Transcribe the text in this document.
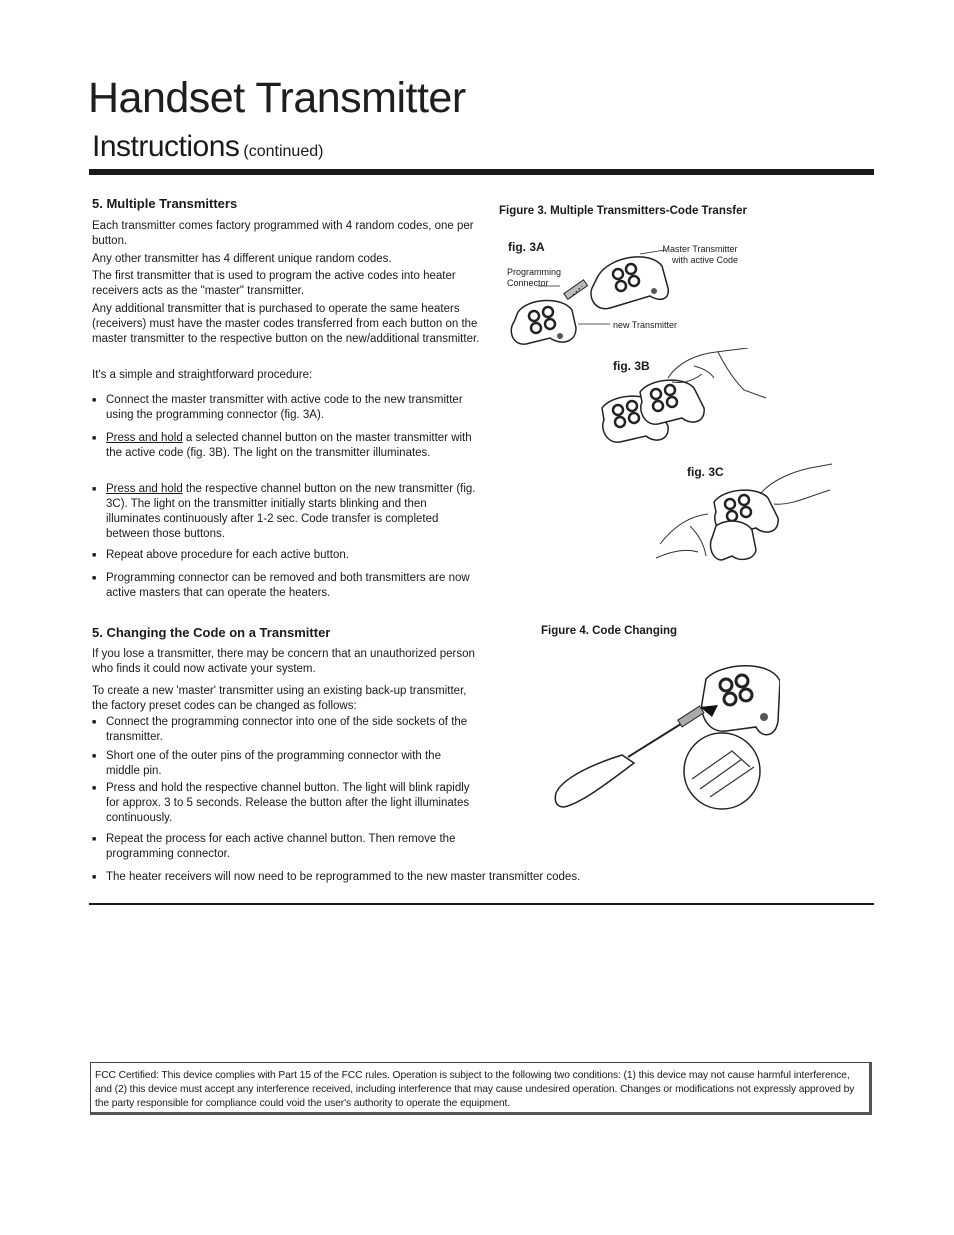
Handset Transmitter
Instructions (continued)
5. Multiple Transmitters
Each transmitter comes factory programmed with 4 random codes, one per button.
Any other transmitter has 4 different unique random codes.
The first transmitter that is used to program the active codes into heater receivers acts as the "master" transmitter.
Any additional transmitter that is purchased to operate the same heaters (receivers) must have the master codes transferred from each button on the master transmitter to the respective button on the new/additional transmitter.
It's a simple and straightforward procedure:
■ Connect the master transmitter with active code to the new transmitter using the programming connector (fig. 3A).
■ Press and hold a selected channel button on the master transmitter with the active code (fig. 3B). The light on the transmitter illuminates.
■ Press and hold the respective channel button on the new transmitter (fig. 3C). The light on the transmitter initially starts blinking and then illuminates continuously after 1-2 sec. Code transfer is completed between those buttons.
■ Repeat above procedure for each active button.
■ Programming connector can be removed and both transmitters are now active masters that can operate the heaters.
5. Changing the Code on a Transmitter
If you lose a transmitter, there may be concern that an unauthorized person who finds it could now activate your system.
To create a new 'master' transmitter using an existing back-up transmitter, the factory preset codes can be changed as follows:
■ Connect the programming connector into one of the side sockets of the transmitter.
■ Short one of the outer pins of the programming connector with the middle pin.
■ Press and hold the respective channel button. The light will blink rapidly for approx. 3 to 5 seconds. Release the button after the light illuminates continuously.
■ Repeat the process for each active channel button. Then remove the programming connector.
■ The heater receivers will now need to be reprogrammed to the new master transmitter codes.
Figure 3. Multiple Transmitters-Code Transfer
fig. 3A	Master Transmitter
with active Code
Programming
Connector
new Transmitter
fig. 3B
fig. 3C
Figure 4. Code Changing
FCC Certified: This device complies with Part 15 of the FCC rules. Operation is subject to the following two conditions: (1) this device may not cause harmful interference, and (2) this device must accept any interference received, including interference that may cause undesired operation. Changes or modifications not expressly approved by the party responsible for compliance could void the user's authority to operate the equipment.
